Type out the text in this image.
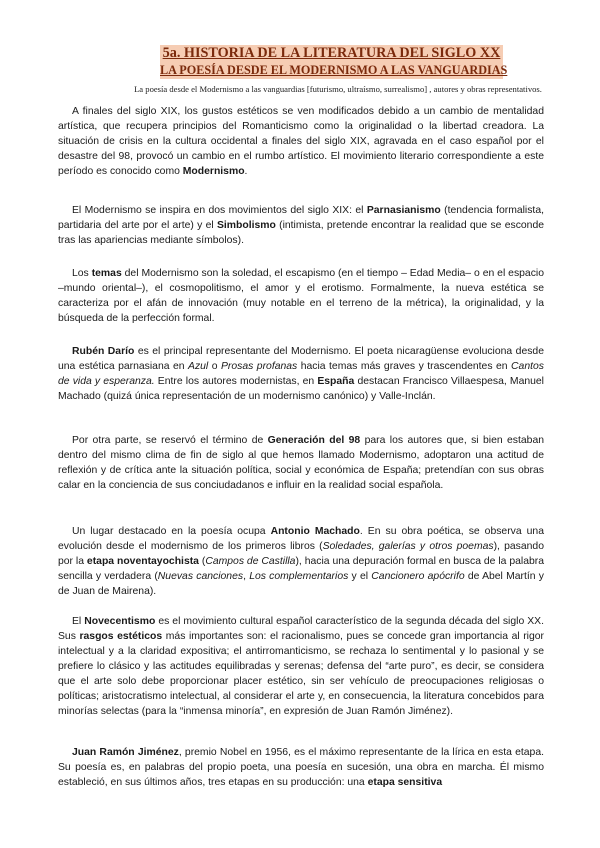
5a. HISTORIA DE LA LITERATURA DEL SIGLO XX
LA POESÍA DESDE EL MODERNISMO A LAS VANGUARDIAS
La poesía desde el Modernismo a las vanguardias [futurismo, ultraísmo, surrealismo] , autores y obras representativos.

A finales del siglo XIX, los gustos estéticos se ven modificados debido a un cambio de mentalidad artística, que recupera principios del Romanticismo como la originalidad o la libertad creadora. La situación de crisis en la cultura occidental a finales del siglo XIX, agravada en el caso español por el desastre del 98, provocó un cambio en el rumbo artístico. El movimiento literario correspondiente a este período es conocido como Modernismo.

El Modernismo se inspira en dos movimientos del siglo XIX: el Parnasianismo (tendencia formalista, partidaria del arte por el arte) y el Simbolismo (intimista, pretende encontrar la realidad que se esconde tras las apariencias mediante símbolos).

Los temas del Modernismo son la soledad, el escapismo (en el tiempo – Edad Media– o en el espacio –mundo oriental–), el cosmopolitismo, el amor y el erotismo. Formalmente, la nueva estética se caracteriza por el afán de innovación (muy notable en el terreno de la métrica), la originalidad, y la búsqueda de la perfección formal.

Rubén Darío es el principal representante del Modernismo. El poeta nicaragüense evoluciona desde una estética parnasiana en Azul o Prosas profanas hacia temas más graves y trascendentes en Cantos de vida y esperanza. Entre los autores modernistas, en España destacan Francisco Villaespesa, Manuel Machado (quizá única representación de un modernismo canónico) y Valle-Inclán.

Por otra parte, se reservó el término de Generación del 98 para los autores que, si bien estaban dentro del mismo clima de fin de siglo al que hemos llamado Modernismo, adoptaron una actitud de reflexión y de crítica ante la situación política, social y económica de España; pretendían con sus obras calar en la conciencia de sus conciudadanos e influir en la realidad social española.

Un lugar destacado en la poesía ocupa Antonio Machado. En su obra poética, se observa una evolución desde el modernismo de los primeros libros (Soledades, galerías y otros poemas), pasando por la etapa noventayochista (Campos de Castilla), hacia una depuración formal en busca de la palabra sencilla y verdadera (Nuevas canciones, Los complementarios y el Cancionero apócrifo de Abel Martín y de Juan de Mairena).

El Novecentismo es el movimiento cultural español característico de la segunda década del siglo XX. Sus rasgos estéticos más importantes son: el racionalismo, pues se concede gran importancia al rigor intelectual y a la claridad expositiva; el antirromanticismo, se rechaza lo sentimental y lo pasional y se prefiere lo clásico y las actitudes equilibradas y serenas; defensa del “arte puro”, es decir, se considera que el arte solo debe proporcionar placer estético, sin ser vehículo de preocupaciones religiosas o políticas; aristocratismo intelectual, al considerar el arte y, en consecuencia, la literatura concebidos para minorías selectas (para la “inmensa minoría”, en expresión de Juan Ramón Jiménez).

Juan Ramón Jiménez, premio Nobel en 1956, es el máximo representante de la lírica en esta etapa. Su poesía es, en palabras del propio poeta, una poesía en sucesión, una obra en marcha. Él mismo estableció, en sus últimos años, tres etapas en su producción: una etapa sensitiva
